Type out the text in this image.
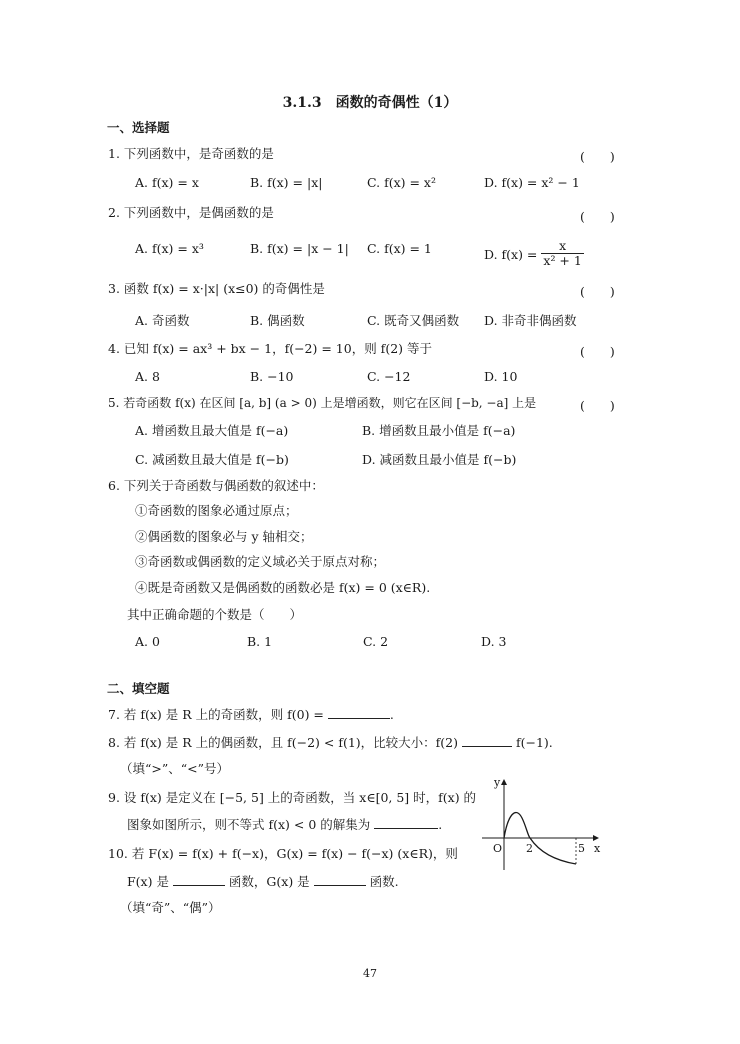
3.1.3　函数的奇偶性（1）
一、选择题
1. 下列函数中，是奇函数的是	(　　)
A. f(x) = x	B. f(x) = |x|	C. f(x) = x²	D. f(x) = x² − 1
2. 下列函数中，是偶函数的是	(　　)
A. f(x) = x³	B. f(x) = |x − 1| C. f(x) = 1	D. $f(x) = \frac{x}{\text{x² + 1}}$
3. 函数 f(x) = x·|x| (x≤0) 的奇偶性是	(　　)
A. 奇函数	B. 偶函数	C. 既奇又偶函数 D. 非奇非偶函数
4. 已知 f(x) = ax³ + bx − 1，f(−2) = 10，则 f(2) 等于	(　　)
A. 8	B. −10	C. −12	D. 10
5. 若奇函数 f(x) 在区间 [a, b] (a > 0) 上是增函数，则它在区间 [−b, −a] 上是	(　　)
A. 增函数且最大值是 f(−a)	B. 增函数且最小值是 f(−a)
C. 减函数且最大值是 f(−b)	D. 减函数且最小值是 f(−b)
6. 下列关于奇函数与偶函数的叙述中：
①奇函数的图象必通过原点；
②偶函数的图象必与 y 轴相交；
③奇函数或偶函数的定义域必关于原点对称；
④既是奇函数又是偶函数的函数必是 f(x) = 0 (x∈R).
其中正确命题的个数是（　　）
A. 0	B. 1	C. 2	D. 3
二、填空题
7. 若 f(x) 是 R 上的奇函数，则 f(0) =	.
8. 若 f(x) 是 R 上的偶函数，且 f(−2) < f(1)，比较大小：f(2)	f(−1).
（填“>”、“<”号）
9. 设 f(x) 是定义在 [−5, 5] 上的奇函数，当 x∈[0, 5] 时，f(x) 的
图象如图所示，则不等式 f(x) < 0 的解集为	.
10. 若 F(x) = f(x) + f(−x)，G(x) = f(x) − f(−x) (x∈R)，则
F(x) 是	函数，G(x) 是	函数.
（填“奇”、“偶”）
y
x
O 2	5
47
